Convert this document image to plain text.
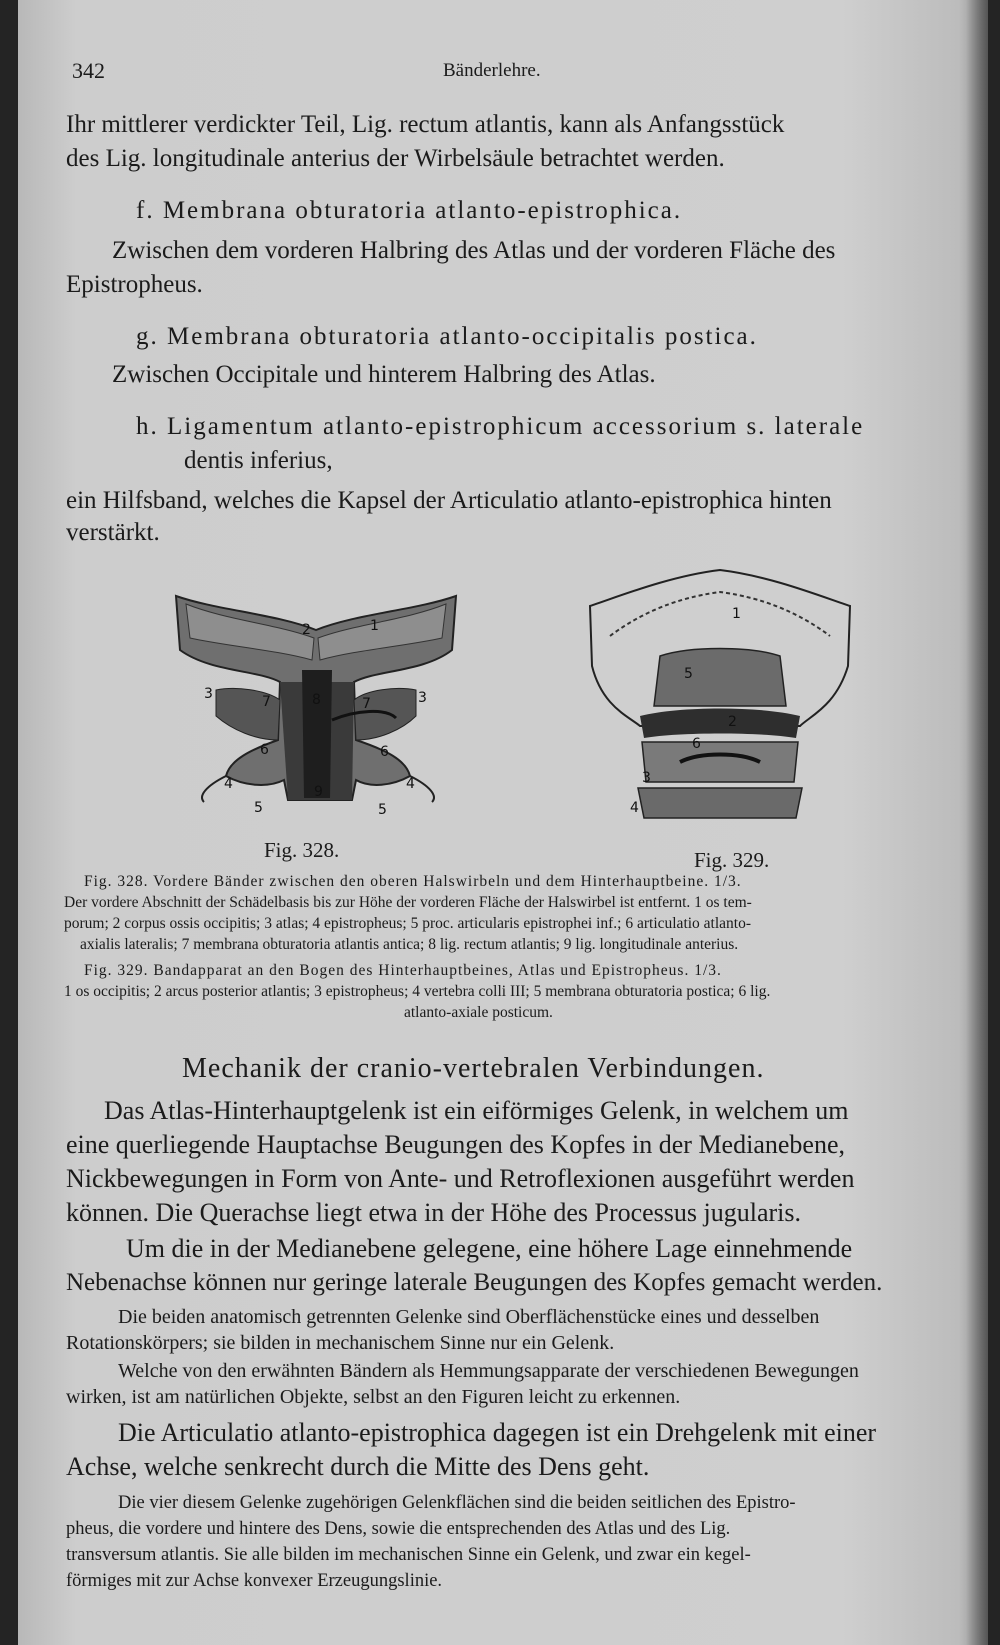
342	Bänderlehre.
Ihr mittlerer verdickter Teil, Lig. rectum atlantis, kann als Anfangsstück
des Lig. longitudinale anterius der Wirbelsäule betrachtet werden.
f. Membrana obturatoria atlanto-epistrophica.
Zwischen dem vorderen Halbring des Atlas und der vorderen Fläche des
Epistropheus.
g. Membrana obturatoria atlanto-occipitalis postica.
Zwischen Occipitale und hinterem Halbring des Atlas.
h. Ligamentum atlanto-epistrophicum accessorium s. laterale
dentis inferius,
ein Hilfsband, welches die Kapsel der Articulatio atlanto-epistrophica hinten
verstärkt.
1
2
3	3
4	4
5	5
6	6
7	7
8
9
Fig. 328.
1
2
3
4
5
6
Fig. 329.
Fig. 328. Vordere Bänder zwischen den oberen Halswirbeln und dem Hinterhauptbeine. 1/3.
Der vordere Abschnitt der Schädelbasis bis zur Höhe der vorderen Fläche der Halswirbel ist entfernt. 1 os tem-
porum; 2 corpus ossis occipitis; 3 atlas; 4 epistropheus; 5 proc. articularis epistrophei inf.; 6 articulatio atlanto-
axialis lateralis; 7 membrana obturatoria atlantis antica; 8 lig. rectum atlantis; 9 lig. longitudinale anterius.
Fig. 329. Bandapparat an den Bogen des Hinterhauptbeines, Atlas und Epistropheus. 1/3.
1 os occipitis; 2 arcus posterior atlantis; 3 epistropheus; 4 vertebra colli III; 5 membrana obturatoria postica; 6 lig.
atlanto-axiale posticum.
Mechanik der cranio-vertebralen Verbindungen.
Das Atlas-Hinterhauptgelenk ist ein eiförmiges Gelenk, in welchem um
eine querliegende Hauptachse Beugungen des Kopfes in der Medianebene,
Nickbewegungen in Form von Ante- und Retroflexionen ausgeführt werden
können. Die Querachse liegt etwa in der Höhe des Processus jugularis.
Um die in der Medianebene gelegene, eine höhere Lage einnehmende
Nebenachse können nur geringe laterale Beugungen des Kopfes gemacht werden.
Die beiden anatomisch getrennten Gelenke sind Oberflächenstücke eines und desselben
Rotationskörpers; sie bilden in mechanischem Sinne nur ein Gelenk.
Welche von den erwähnten Bändern als Hemmungsapparate der verschiedenen Bewegungen
wirken, ist am natürlichen Objekte, selbst an den Figuren leicht zu erkennen.
Die Articulatio atlanto-epistrophica dagegen ist ein Drehgelenk mit einer
Achse, welche senkrecht durch die Mitte des Dens geht.
Die vier diesem Gelenke zugehörigen Gelenkflächen sind die beiden seitlichen des Epistro-
pheus, die vordere und hintere des Dens, sowie die entsprechenden des Atlas und des Lig.
transversum atlantis. Sie alle bilden im mechanischen Sinne ein Gelenk, und zwar ein kegel-
förmiges mit zur Achse konvexer Erzeugungslinie.
